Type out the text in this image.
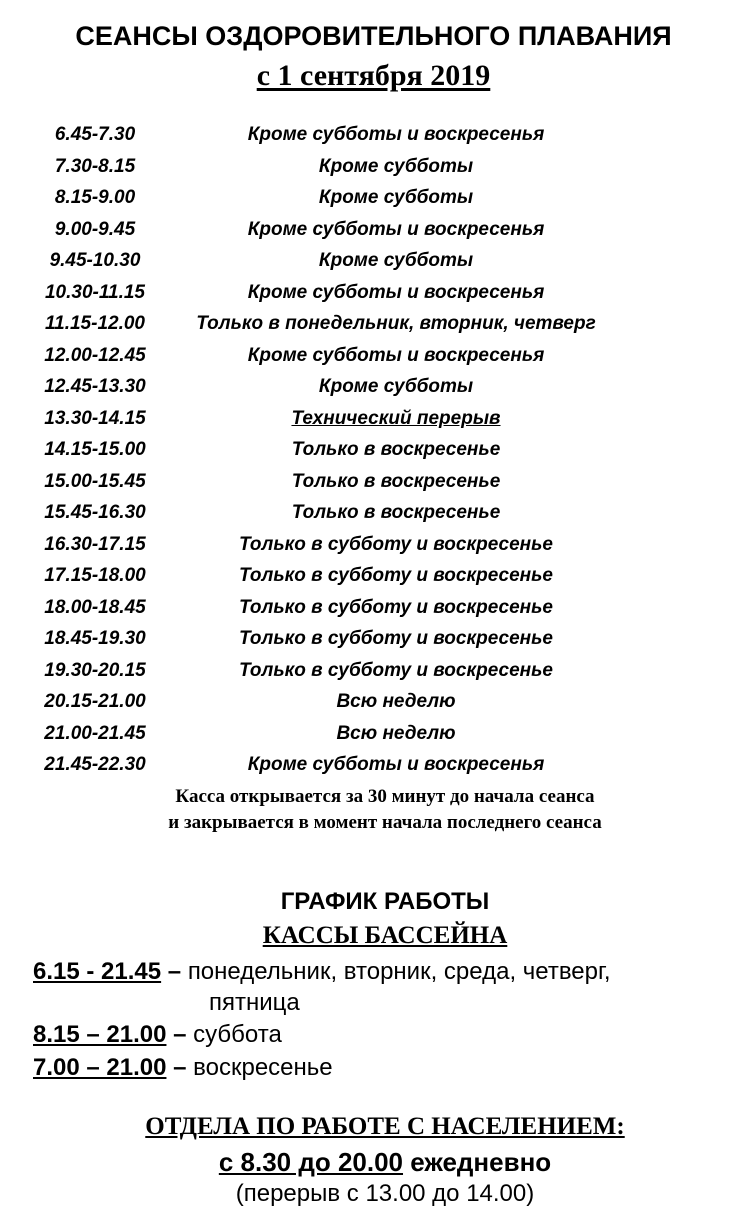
СЕАНСЫ ОЗДОРОВИТЕЛЬНОГО ПЛАВАНИЯ
с 1 сентября 2019
6.45-7.30	Кроме субботы и воскресенья
7.30-8.15	Кроме субботы
8.15-9.00	Кроме субботы
9.00-9.45	Кроме субботы и воскресенья
9.45-10.30	Кроме субботы
10.30-11.15	Кроме субботы и воскресенья
11.15-12.00	Только в понедельник, вторник, четверг
12.00-12.45	Кроме субботы и воскресенья
12.45-13.30	Кроме субботы
13.30-14.15	Технический перерыв
14.15-15.00	Только в воскресенье
15.00-15.45	Только в воскресенье
15.45-16.30	Только в воскресенье
16.30-17.15	Только в субботу и воскресенье
17.15-18.00	Только в субботу и воскресенье
18.00-18.45	Только в субботу и воскресенье
18.45-19.30	Только в субботу и воскресенье
19.30-20.15	Только в субботу и воскресенье
20.15-21.00	Всю неделю
21.00-21.45	Всю неделю
21.45-22.30	Кроме субботы и воскресенья
Касса открывается за 30 минут до начала сеанса
и закрывается в момент начала последнего сеанса
ГРАФИК РАБОТЫ
КАССЫ БАССЕЙНА
6.15 - 21.45 – понедельник, вторник, среда, четверг,
пятница
8.15 – 21.00 – суббота
7.00 – 21.00 – воскресенье
ОТДЕЛА ПО РАБОТЕ С НАСЕЛЕНИЕМ:
с 8.30 до 20.00 ежедневно
(перерыв с 13.00 до 14.00)
